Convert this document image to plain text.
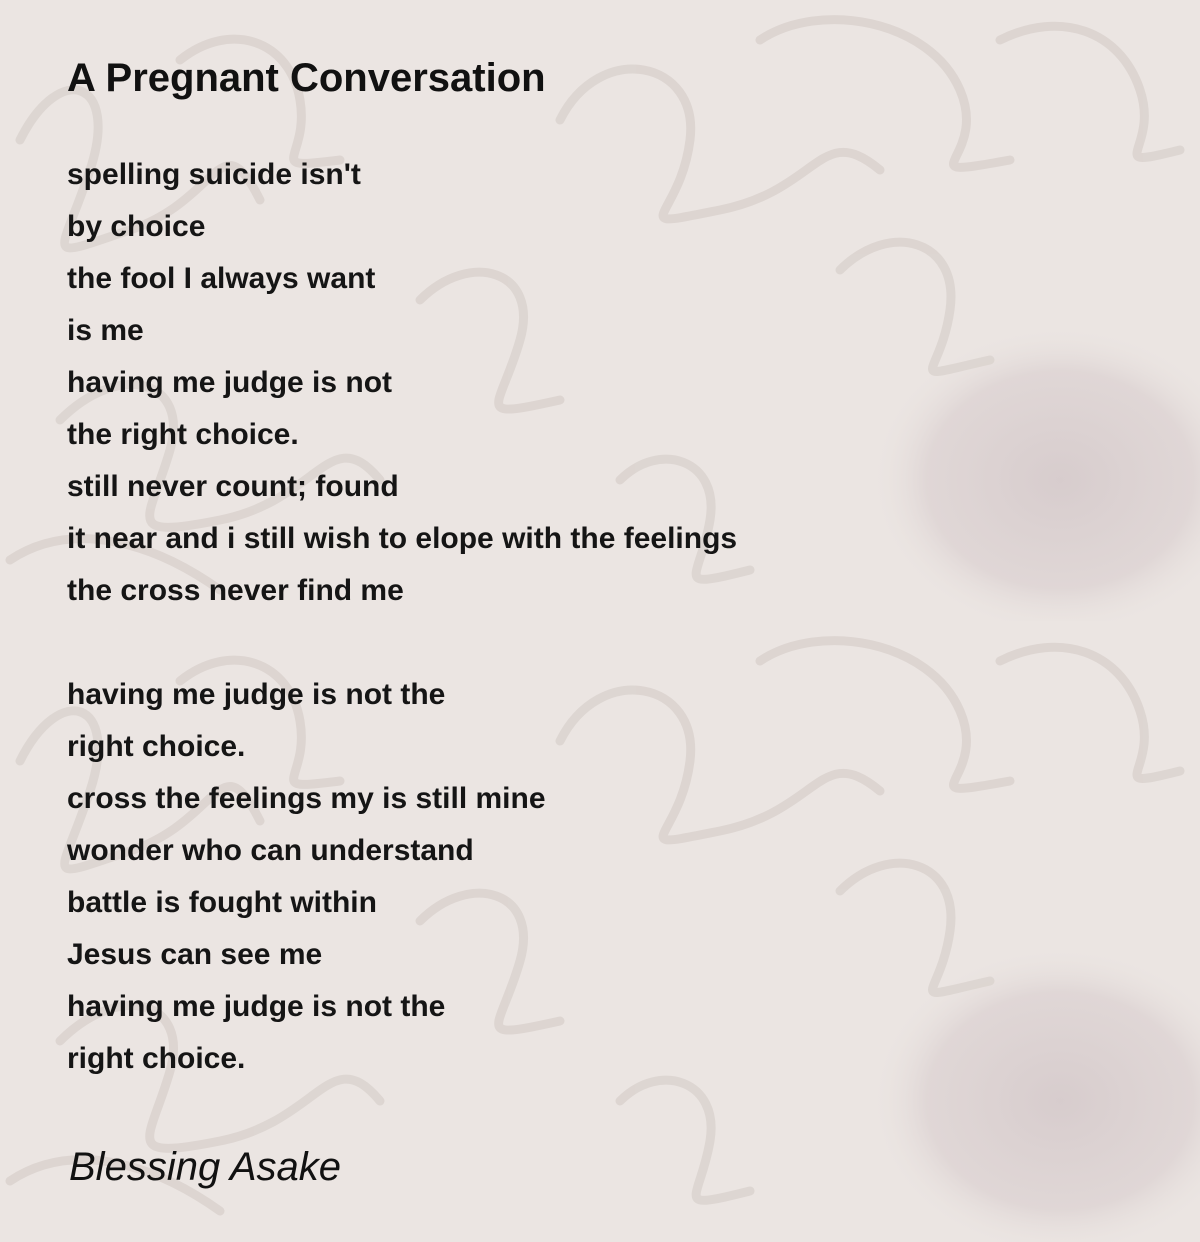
A Pregnant Conversation
spelling suicide isn't
by choice
the fool I always want
is me
having me judge is not
the right choice.
still never count; found
it near and i still wish to elope with the feelings
the cross never find me
having me judge is not the
right choice.
cross the feelings my is still mine
wonder who can understand
battle is fought within
Jesus can see me
having me judge is not the
right choice.

Blessing Asake
